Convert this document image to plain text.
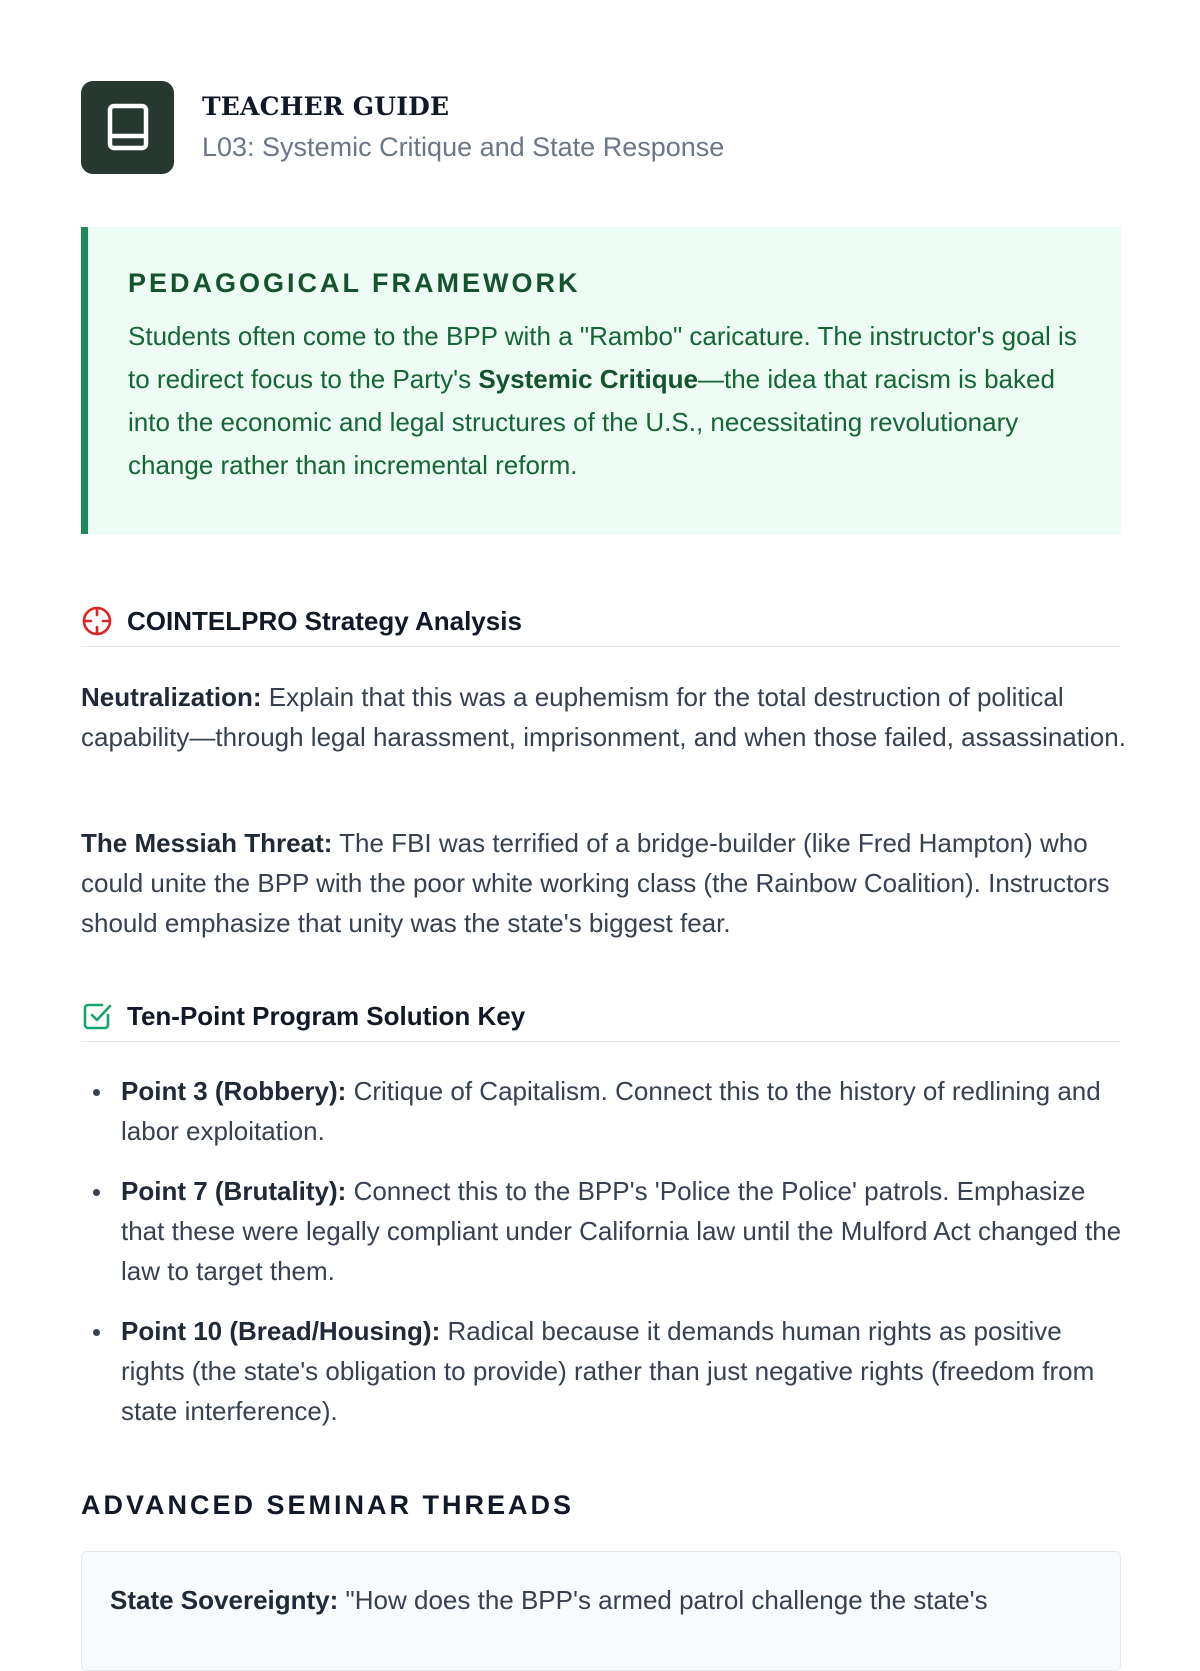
TEACHER GUIDE
L03: Systemic Critique and State Response
PEDAGOGICAL FRAMEWORK
Students often come to the BPP with a "Rambo" caricature. The instructor's goal is to redirect focus to the Party's Systemic Critique—the idea that racism is baked into the economic and legal structures of the U.S., necessitating revolutionary change rather than incremental reform.
COINTELPRO Strategy Analysis

Neutralization: Explain that this was a euphemism for the total destruction of political capability—through legal harassment, imprisonment, and when those failed, assassination.

The Messiah Threat: The FBI was terrified of a bridge-builder (like Fred Hampton) who could unite the BPP with the poor white working class (the Rainbow Coalition). Instructors should emphasize that unity was the state's biggest fear.

Ten-Point Program Solution Key
Point 3 (Robbery): Critique of Capitalism. Connect this to the history of redlining and labor exploitation.
Point 7 (Brutality): Connect this to the BPP's 'Police the Police' patrols. Emphasize that these were legally compliant under California law until the Mulford Act changed the law to target them.
Point 10 (Bread/Housing): Radical because it demands human rights as positive rights (the state's obligation to provide) rather than just negative rights (freedom from state interference).
ADVANCED SEMINAR THREADS
State Sovereignty: "How does the BPP's armed patrol challenge the state's
